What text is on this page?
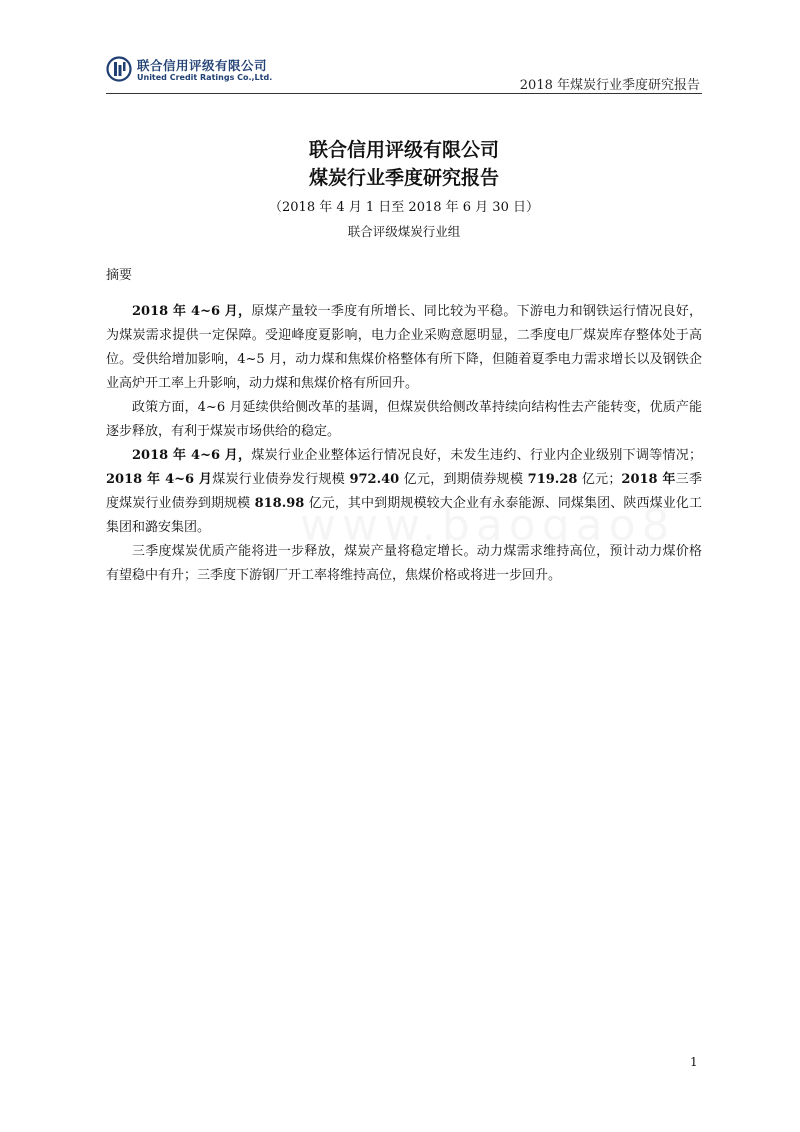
联合信用评级有限公司
United Credit Ratings Co.,Ltd.
2018 年煤炭行业季度研究报告
联合信用评级有限公司
煤炭行业季度研究报告
（2018 年 4 月 1 日至 2018 年 6 月 30 日）
联合评级煤炭行业组
摘要

2018 年 4~6 月，原煤产量较一季度有所增长、同比较为平稳。下游电力和钢铁运行情况良好，为煤炭需求提供一定保障。受迎峰度夏影响，电力企业采购意愿明显，二季度电厂煤炭库存整体处于高位。受供给增加影响，4~5 月，动力煤和焦煤价格整体有所下降，但随着夏季电力需求增长以及钢铁企业高炉开工率上升影响，动力煤和焦煤价格有所回升。

政策方面，4~6 月延续供给侧改革的基调，但煤炭供给侧改革持续向结构性去产能转变，优质产能逐步释放，有利于煤炭市场供给的稳定。

2018 年 4~6 月，煤炭行业企业整体运行情况良好，未发生违约、行业内企业级别下调等情况；2018 年 4~6 月煤炭行业债券发行规模 972.40 亿元，到期债券规模 719.28 亿元；2018 年三季度煤炭行业债券到期规模 818.98 亿元，其中到期规模较大企业有永泰能源、同煤集团、陕西煤业化工集团和潞安集团。

三季度煤炭优质产能将进一步释放，煤炭产量将稳定增长。动力煤需求维持高位，预计动力煤价格有望稳中有升；三季度下游钢厂开工率将维持高位，焦煤价格或将进一步回升。

1
